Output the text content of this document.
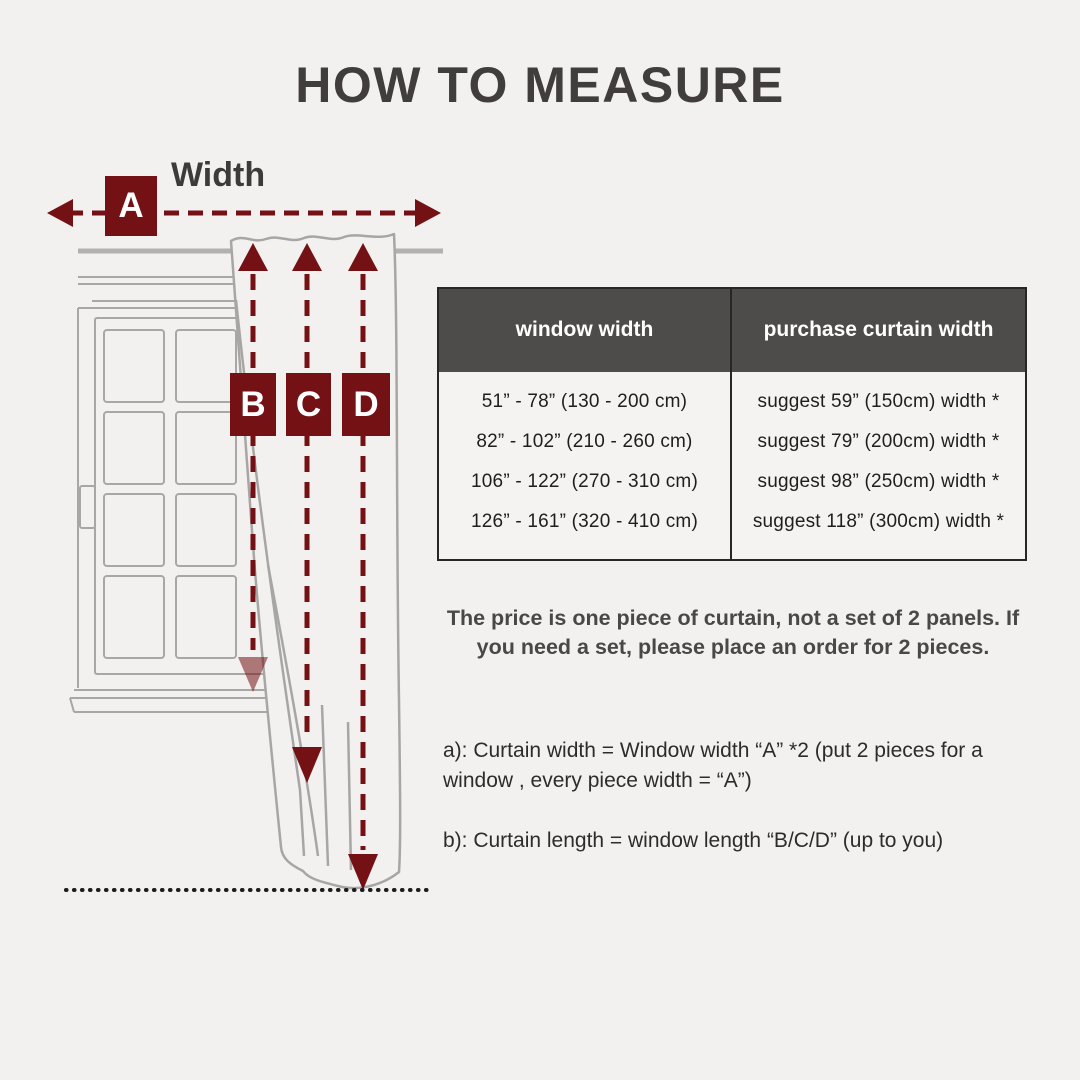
HOW TO MEASURE
Width
A
B C D
window width	purchase curtain width
51” - 78” (130 - 200 cm)	suggest 59” (150cm) width *
82” - 102” (210 - 260 cm)	suggest 79” (200cm) width *
106” - 122” (270 - 310 cm)	suggest 98” (250cm) width *
126” - 161” (320 - 410 cm)	suggest 118” (300cm) width *
The price is one piece of curtain, not a set of 2 panels. If you need a set, please place an order for 2 pieces.
a): Curtain width = Window width “A” *2 (put 2 pieces for a window , every piece width = “A”)
b): Curtain length = window length “B/C/D” (up to you)
